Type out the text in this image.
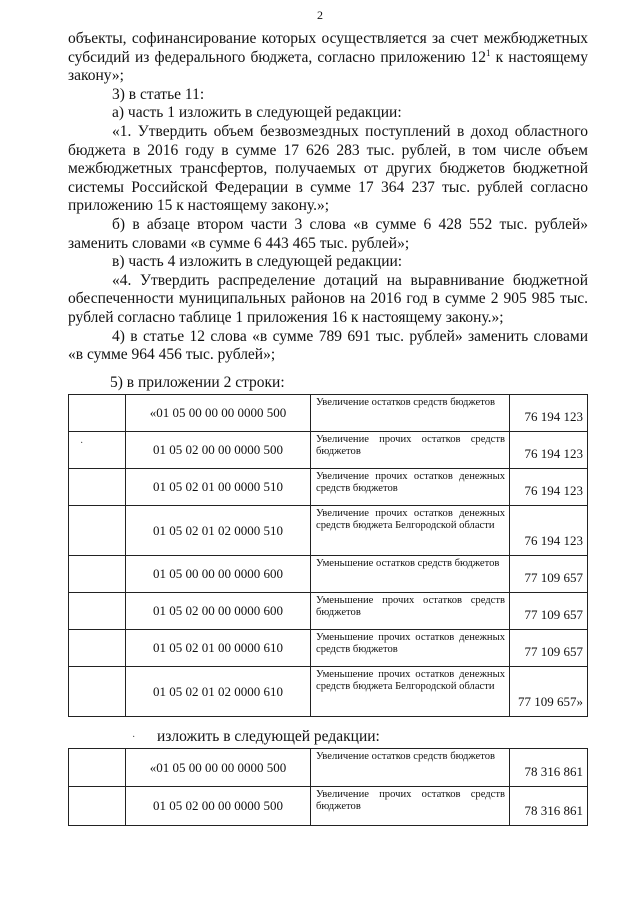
2

объекты, софинансирование которых осуществляется за счет межбюджетных субсидий из федерального бюджета, согласно приложению $12^1$ к настоящему закону»;

3) в статье 11:

а) часть 1 изложить в следующей редакции:

«1. Утвердить объем безвозмездных поступлений в доход областного бюджета в 2016 году в сумме 17 626 283 тыс. рублей, в том числе объем межбюджетных трансфертов, получаемых от других бюджетов бюджетной системы Российской Федерации в сумме 17 364 237 тыс. рублей согласно приложению 15 к настоящему закону.»;

б) в абзаце втором части 3 слова «в сумме 6 428 552 тыс. рублей» заменить словами «в сумме 6 443 465 тыс. рублей»;

в) часть 4 изложить в следующей редакции:

«4. Утвердить распределение дотаций на выравнивание бюджетной обеспеченности муниципальных районов на 2016 год в сумме 2 905 985 тыс. рублей согласно таблице 1 приложения 16 к настоящему закону.»;

4) в статье 12 слова «в сумме 789 691 тыс. рублей» заменить словами «в сумме 964 456 тыс. рублей»;

5) в приложении 2 строки:
	«01 05 00 00 00 0000 500	Увеличение остатков средств бюджетов	76 194 123

	01 05 02 00 00 0000 500	Увеличение прочих остатков средств бюджетов	76 194 123

	01 05 02 01 00 0000 510	Увеличение прочих остатков денежных средств бюджетов	76 194 123

	01 05 02 01 02 0000 510	Увеличение прочих остатков денежных средств бюджета Белгородской области	76 194 123

	01 05 00 00 00 0000 600	Уменьшение остатков средств бюджетов	77 109 657

	01 05 02 00 00 0000 600	Уменьшение прочих остатков средств бюджетов	77 109 657

	01 05 02 01 00 0000 610	Уменьшение прочих остатков денежных средств бюджетов	77 109 657

	01 05 02 01 02 0000 610	Уменьшение прочих остатков денежных средств бюджета Белгородской области	77 109 657»
изложить в следующей редакции:
	«01 05 00 00 00 0000 500	Увеличение остатков средств бюджетов	78 316 861

	01 05 02 00 00 0000 500	Увеличение прочих остатков средств бюджетов	78 316 861
·
·
